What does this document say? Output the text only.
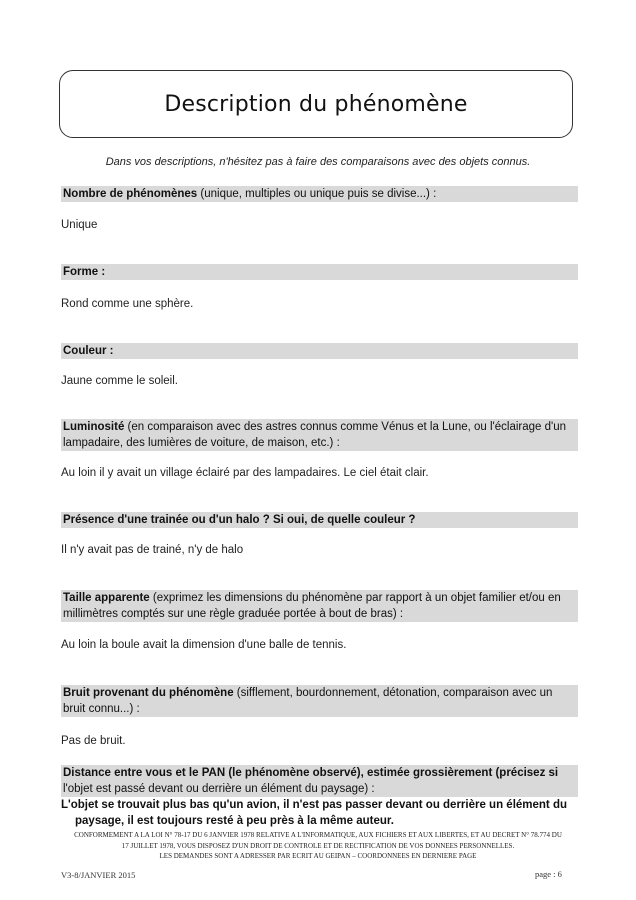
Description du phénomène
Dans vos descriptions, n'hésitez pas à faire des comparaisons avec des objets connus.
Nombre de phénomènes (unique, multiples ou unique puis se divise...) :
Unique
Forme :
Rond comme une sphère.
Couleur :
Jaune comme le soleil.
Luminosité (en comparaison avec des astres connus comme Vénus et la Lune, ou l'éclairage d'un
lampadaire, des lumières de voiture, de maison, etc.) :
Au loin il y avait un village éclairé par des lampadaires. Le ciel était clair.
Présence d'une trainée ou d'un halo ? Si oui, de quelle couleur ?
Il n'y avait pas de trainé, n'y de halo
Taille apparente (exprimez les dimensions du phénomène par rapport à un objet familier et/ou en
millimètres comptés sur une règle graduée portée à bout de bras) :
Au loin la boule avait la dimension d'une balle de tennis.
Bruit provenant du phénomène (sifflement, bourdonnement, détonation, comparaison avec un
bruit connu...) :
Pas de bruit.
Distance entre vous et le PAN (le phénomène observé), estimée grossièrement (précisez si
l'objet est passé devant ou derrière un élément du paysage) :
L'objet se trouvait plus bas qu'un avion, il n'est pas passer devant ou derrière un élément du
paysage, il est toujours resté à peu près à la même auteur.
CONFORMEMENT A LA LOI N° 78-17 DU 6 JANVIER 1978 RELATIVE A L'INFORMATIQUE, AUX FICHIERS ET AUX LIBERTES, ET AU DECRET N° 78.774 DU
17 JUILLET 1978, VOUS DISPOSEZ D'UN DROIT DE CONTROLE ET DE RECTIFICATION DE VOS DONNEES PERSONNELLES.
LES DEMANDES SONT A ADRESSER PAR ECRIT AU GEIPAN – COORDONNEES EN DERNIERE PAGE
V3-8/JANVIER 2015	page : 6
